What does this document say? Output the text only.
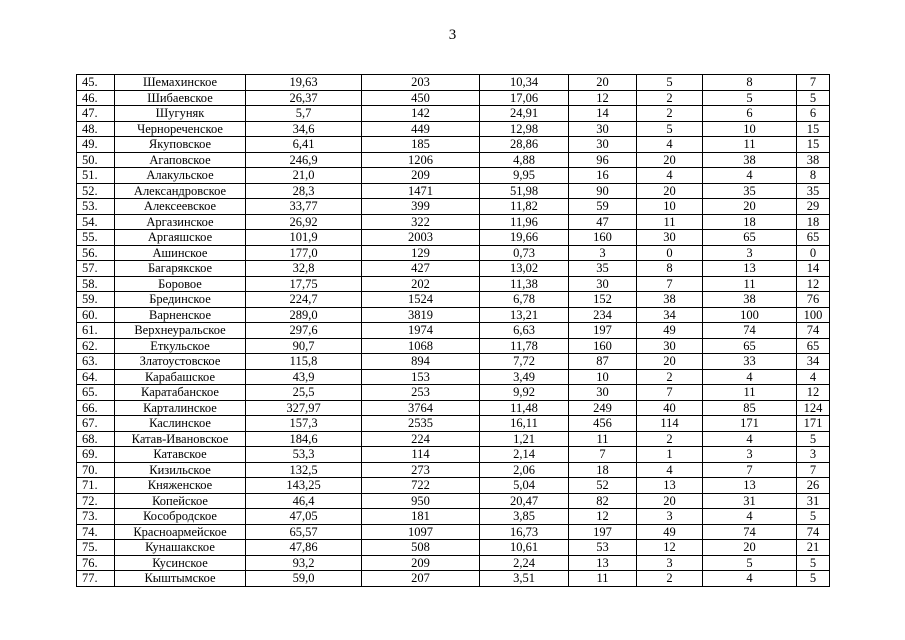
3
45.	Шемахинское	19,63	203	10,34	20	5	8	7
46.	Шибаевское	26,37	450	17,06	12	2	5	5
47.	Шугуняк	5,7	142	24,91	14	2	6	6
48.	Чернореченское	34,6	449	12,98	30	5	10	15
49.	Якуповское	6,41	185	28,86	30	4	11	15
50.	Агаповское	246,9	1206	4,88	96	20	38	38
51.	Алакульское	21,0	209	9,95	16	4	4	8
52.	Александровское	28,3	1471	51,98	90	20	35	35
53.	Алексеевское	33,77	399	11,82	59	10	20	29
54.	Аргазинское	26,92	322	11,96	47	11	18	18
55.	Аргаяшское	101,9	2003	19,66	160	30	65	65
56.	Ашинское	177,0	129	0,73	3	0	3	0
57.	Багарякское	32,8	427	13,02	35	8	13	14
58.	Боровое	17,75	202	11,38	30	7	11	12
59.	Брединское	224,7	1524	6,78	152	38	38	76
60.	Варненское	289,0	3819	13,21	234	34	100	100
61.	Верхнеуральское	297,6	1974	6,63	197	49	74	74
62.	Еткульское	90,7	1068	11,78	160	30	65	65
63.	Златоустовское	115,8	894	7,72	87	20	33	34
64.	Карабашское	43,9	153	3,49	10	2	4	4
65.	Каратабанское	25,5	253	9,92	30	7	11	12
66.	Карталинское	327,97	3764	11,48	249	40	85	124
67.	Каслинское	157,3	2535	16,11	456	114	171	171
68.	Катав-Ивановское	184,6	224	1,21	11	2	4	5
69.	Катавское	53,3	114	2,14	7	1	3	3
70.	Кизильское	132,5	273	2,06	18	4	7	7
71.	Княженское	143,25	722	5,04	52	13	13	26
72.	Копейское	46,4	950	20,47	82	20	31	31
73.	Кособродское	47,05	181	3,85	12	3	4	5
74.	Красноармейское	65,57	1097	16,73	197	49	74	74
75.	Кунашакское	47,86	508	10,61	53	12	20	21
76.	Кусинское	93,2	209	2,24	13	3	5	5
77.	Кыштымское	59,0	207	3,51	11	2	4	5
